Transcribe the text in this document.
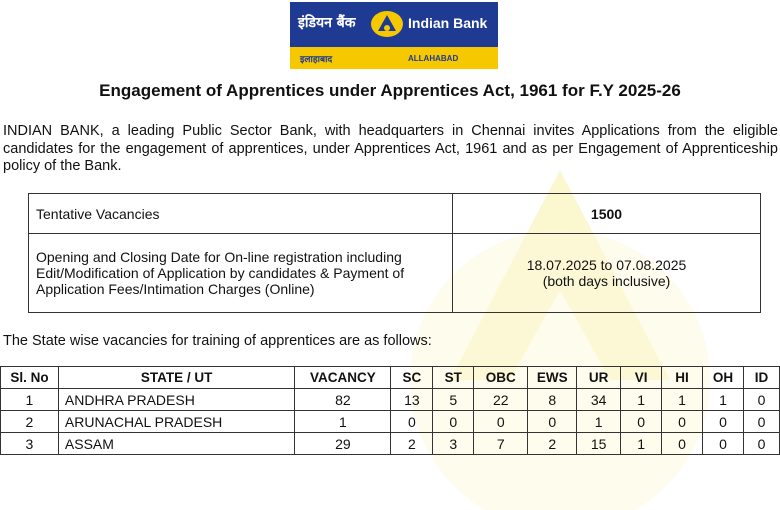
इंडियन बैंक	Indian Bank
इलाहाबाद	ALLAHABAD
Engagement of Apprentices under Apprentices Act, 1961 for F.Y 2025-26
INDIAN BANK, a leading Public Sector Bank, with headquarters in Chennai invites Applications from the eligible candidates for the engagement of apprentices, under Apprentices Act, 1961 and as per Engagement of Apprenticeship policy of the Bank.
Tentative Vacancies	1500
Opening and Closing Date for On-line registration including Edit/Modification of Application by candidates & Payment of Application Fees/Intimation Charges (Online)	18.07.2025 to 07.08.2025
(both days inclusive)
The State wise vacancies for training of apprentices are as follows:
Sl. No	STATE / UT	VACANCY	SC	ST	OBC	EWS	UR	VI	HI	OH	ID
1	ANDHRA PRADESH	82	13	5	22	8	34	1	1	1	0
2	ARUNACHAL PRADESH	1	0	0	0	0	1	0	0	0	0
3	ASSAM	29	2	3	7	2	15	1	0	0	0
